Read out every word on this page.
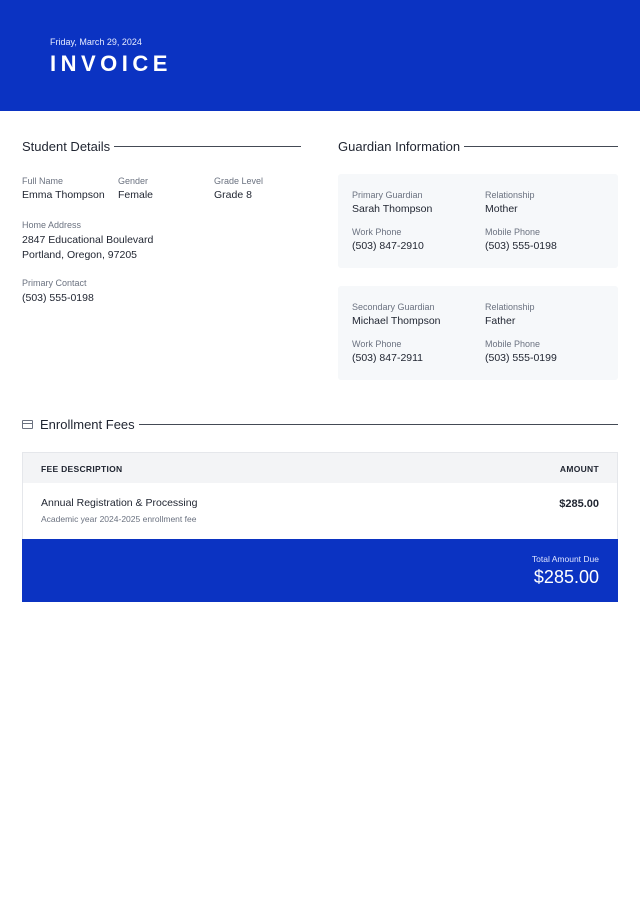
Friday, March 29, 2024
INVOICE
Student Details
Full Name
Emma Thompson
Gender
Female
Grade Level
Grade 8
Home Address
2847 Educational Boulevard
Portland, Oregon, 97205
Primary Contact
(503) 555-0198
Guardian Information
Primary Guardian
Sarah Thompson
Relationship
Mother
Work Phone
(503) 847-2910
Mobile Phone
(503) 555-0198
Secondary Guardian
Michael Thompson
Relationship
Father
Work Phone
(503) 847-2911
Mobile Phone
(503) 555-0199
Enrollment Fees
FEE DESCRIPTION	AMOUNT
Annual Registration & Processing
Academic year 2024-2025 enrollment fee
$285.00
Total Amount Due
$285.00
